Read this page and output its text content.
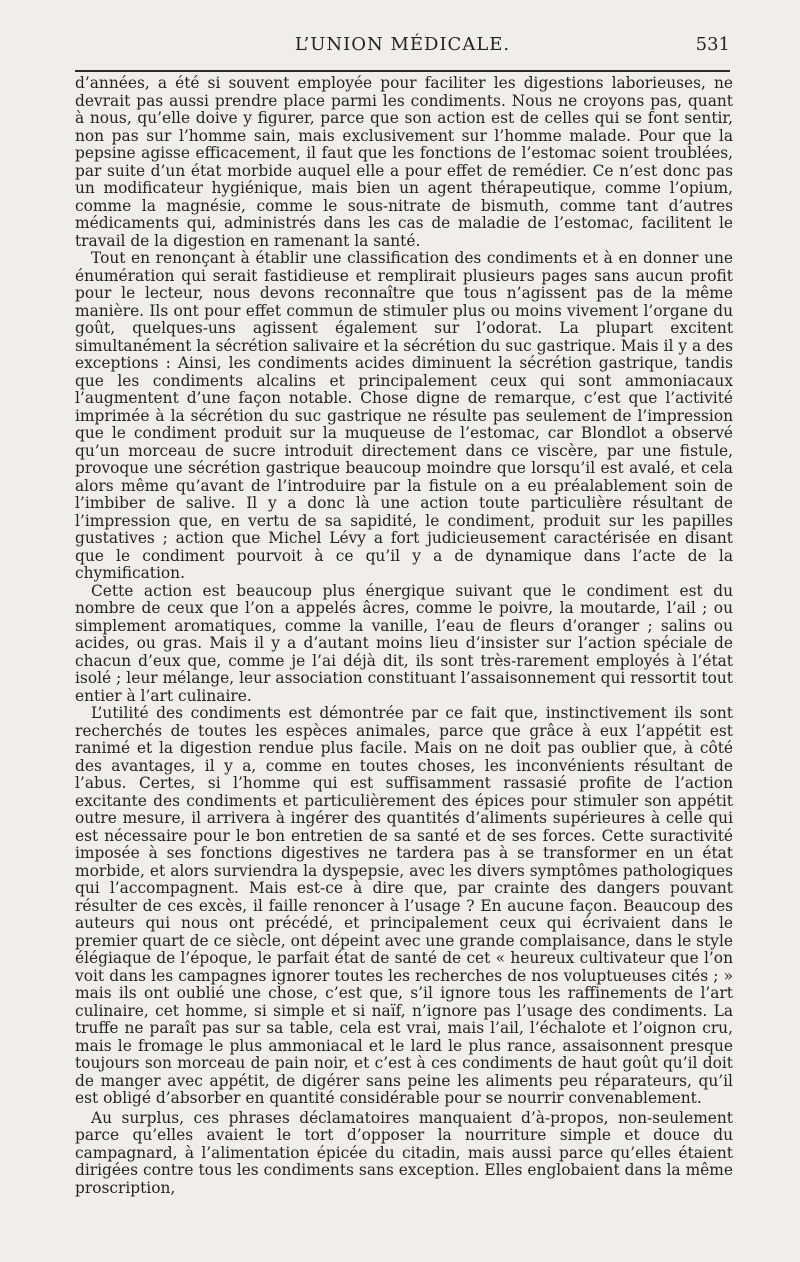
L’UNION MÉDICALE.	531

d’années, a été si souvent employée pour faciliter les digestions laborieuses, ne devrait pas aussi prendre place parmi les condiments. Nous ne croyons pas, quant à nous, qu’elle doive y figurer, parce que son action est de celles qui se font sentir, non pas sur l’homme sain, mais exclusivement sur l’homme malade. Pour que la pepsine agisse efficacement, il faut que les fonctions de l’estomac soient troublées, par suite d’un état morbide auquel elle a pour effet de remédier. Ce n’est donc pas un modificateur hygiénique, mais bien un agent thérapeutique, comme l’opium, comme la magnésie, comme le sous-nitrate de bismuth, comme tant d’autres médicaments qui, administrés dans les cas de maladie de l’estomac, facilitent le travail de la digestion en ramenant la santé.

Tout en renonçant à établir une classification des condiments et à en donner une énumération qui serait fastidieuse et remplirait plusieurs pages sans aucun profit pour le lecteur, nous devons reconnaître que tous n’agissent pas de la même manière. Ils ont pour effet commun de stimuler plus ou moins vivement l’organe du goût, quelques-uns agissent également sur l’odorat. La plupart excitent simultanément la sécrétion salivaire et la sécrétion du suc gastrique. Mais il y a des exceptions : Ainsi, les condiments acides diminuent la sécrétion gastrique, tandis que les condiments alcalins et principalement ceux qui sont ammoniacaux l’augmentent d’une façon notable. Chose digne de remarque, c’est que l’activité imprimée à la sécrétion du suc gastrique ne résulte pas seulement de l’impression que le condiment produit sur la muqueuse de l’estomac, car Blondlot a observé qu’un morceau de sucre introduit directement dans ce viscère, par une fistule, provoque une sécrétion gastrique beaucoup moindre que lorsqu’il est avalé, et cela alors même qu’avant de l’introduire par la fistule on a eu préalablement soin de l’imbiber de salive. Il y a donc là une action toute particulière résultant de l’impression que, en vertu de sa sapidité, le condiment, produit sur les papilles gustatives ; action que Michel Lévy a fort judicieusement caractérisée en disant que le condiment pourvoit à ce qu’il y a de dynamique dans l’acte de la chymification.

Cette action est beaucoup plus énergique suivant que le condiment est du nombre de ceux que l’on a appelés âcres, comme le poivre, la moutarde, l’ail ; ou simplement aromatiques, comme la vanille, l’eau de fleurs d’oranger ; salins ou acides, ou gras. Mais il y a d’autant moins lieu d’insister sur l’action spéciale de chacun d’eux que, comme je l’ai déjà dit, ils sont très-rarement employés à l’état isolé ; leur mélange, leur association constituant l’assaisonnement qui ressortit tout entier à l’art culinaire.

L’utilité des condiments est démontrée par ce fait que, instinctivement ils sont recherchés de toutes les espèces animales, parce que grâce à eux l’appétit est ranimé et la digestion rendue plus facile. Mais on ne doit pas oublier que, à côté des avantages, il y a, comme en toutes choses, les inconvénients résultant de l’abus. Certes, si l’homme qui est suffisamment rassasié profite de l’action excitante des condiments et particulièrement des épices pour stimuler son appétit outre mesure, il arrivera à ingérer des quantités d’aliments supérieures à celle qui est nécessaire pour le bon entretien de sa santé et de ses forces. Cette suractivité imposée à ses fonctions digestives ne tardera pas à se transformer en un état morbide, et alors surviendra la dyspepsie, avec les divers symptômes pathologiques qui l’accompagnent. Mais est-ce à dire que, par crainte des dangers pouvant résulter de ces excès, il faille renoncer à l’usage ? En aucune façon. Beaucoup des auteurs qui nous ont précédé, et principalement ceux qui écrivaient dans le premier quart de ce siècle, ont dépeint avec une grande complaisance, dans le style élégiaque de l’époque, le parfait état de santé de cet « heureux cultivateur que l’on voit dans les campagnes ignorer toutes les recherches de nos voluptueuses cités ; » mais ils ont oublié une chose, c’est que, s’il ignore tous les raffinements de l’art culinaire, cet homme, si simple et si naïf, n’ignore pas l’usage des condiments. La truffe ne paraît pas sur sa table, cela est vrai, mais l’ail, l’échalote et l’oignon cru, mais le fromage le plus ammoniacal et le lard le plus rance, assaisonnent presque toujours son morceau de pain noir, et c’est à ces condiments de haut goût qu’il doit de manger avec appétit, de digérer sans peine les aliments peu réparateurs, qu’il est obligé d’absorber en quantité considérable pour se nourrir convenablement.

Au surplus, ces phrases déclamatoires manquaient d’à-propos, non-seulement parce qu’elles avaient le tort d’opposer la nourriture simple et douce du campagnard, à l’alimentation épicée du citadin, mais aussi parce qu’elles étaient dirigées contre tous les condiments sans exception. Elles englobaient dans la même proscription,
